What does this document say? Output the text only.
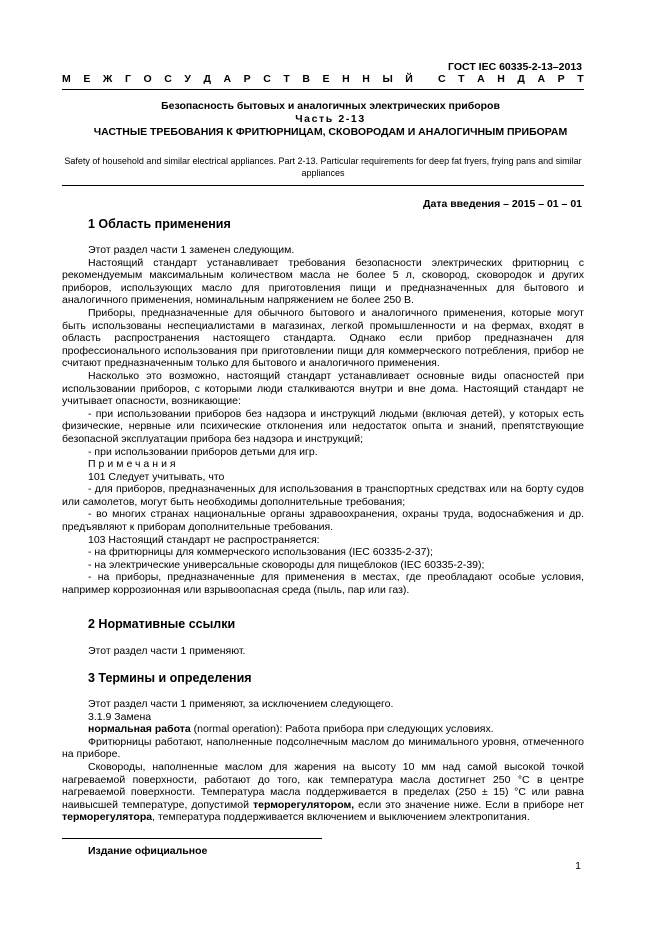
ГОСТ IEC 60335-2-13–2013
М Е Ж Г О С У Д А Р С Т В Е Н Н Ы Й С Т А Н Д А Р Т
Безопасность бытовых и аналогичных электрических приборов
Часть 2-13
ЧАСТНЫЕ ТРЕБОВАНИЯ К ФРИТЮРНИЦАМ, СКОВОРОДАМ И АНАЛОГИЧНЫМ ПРИБОРАМ
Safety of household and similar electrical appliances. Part 2-13. Particular requirements for deep fat fryers, frying pans and similar appliances
Дата введения – 2015 – 01 – 01
1 Область применения

Этот раздел части 1 заменен следующим.

Настоящий стандарт устанавливает требования безопасности электрических фритюрниц с рекомендуемым максимальным количеством масла не более 5 л, сковород, сковородок и других приборов, использующих масло для приготовления пищи и предназначенных для бытового и аналогичного применения, номинальным напряжением не более 250 В.

Приборы, предназначенные для обычного бытового и аналогичного применения, которые могут быть использованы неспециалистами в магазинах, легкой промышленности и на фермах, входят в область распространения настоящего стандарта. Однако если прибор предназначен для профессионального использования при приготовлении пищи для коммерческого потребления, прибор не считают предназначенным только для бытового и аналогичного применения.

Насколько это возможно, настоящий стандарт устанавливает основные виды опасностей при использовании приборов, с которыми люди сталкиваются внутри и вне дома. Настоящий стандарт не учитывает опасности, возникающие:

- при использовании приборов без надзора и инструкций людьми (включая детей), у которых есть физические, нервные или психические отклонения или недостаток опыта и знаний, препятствующие безопасной эксплуатации прибора без надзора и инструкций;

- при использовании приборов детьми для игр.

Примечания

101 Следует учитывать, что

- для приборов, предназначенных для использования в транспортных средствах или на борту судов или самолетов, могут быть необходимы дополнительные требования;

- во многих странах национальные органы здравоохранения, охраны труда, водоснабжения и др. предъявляют к приборам дополнительные требования.

103 Настоящий стандарт не распространяется:

- на фритюрницы для коммерческого использования (IEC 60335-2-37);

- на электрические универсальные сковороды для пищеблоков (IEC 60335-2-39);

- на приборы, предназначенные для применения в местах, где преобладают особые условия, например коррозионная или взрывоопасная среда (пыль, пар или газ).

2 Нормативные ссылки

Этот раздел части 1 применяют.

3 Термины и определения

Этот раздел части 1 применяют, за исключением следующего.

3.1.9 Замена

нормальная работа (normal operation): Работа прибора при следующих условиях.

Фритюрницы работают, наполненные подсолнечным маслом до минимального уровня, отмеченного на приборе.

Сковороды, наполненные маслом для жарения на высоту 10 мм над самой высокой точкой нагреваемой поверхности, работают до того, как температура масла достигнет 250 °С в центре нагреваемой поверхности. Температура масла поддерживается в пределах (250 ± 15) °С или равна наивысшей температуре, допустимой терморегулятором, если это значение ниже. Если в приборе нет терморегулятора, температура поддерживается включением и выключением электропитания.

Издание официальное
1
